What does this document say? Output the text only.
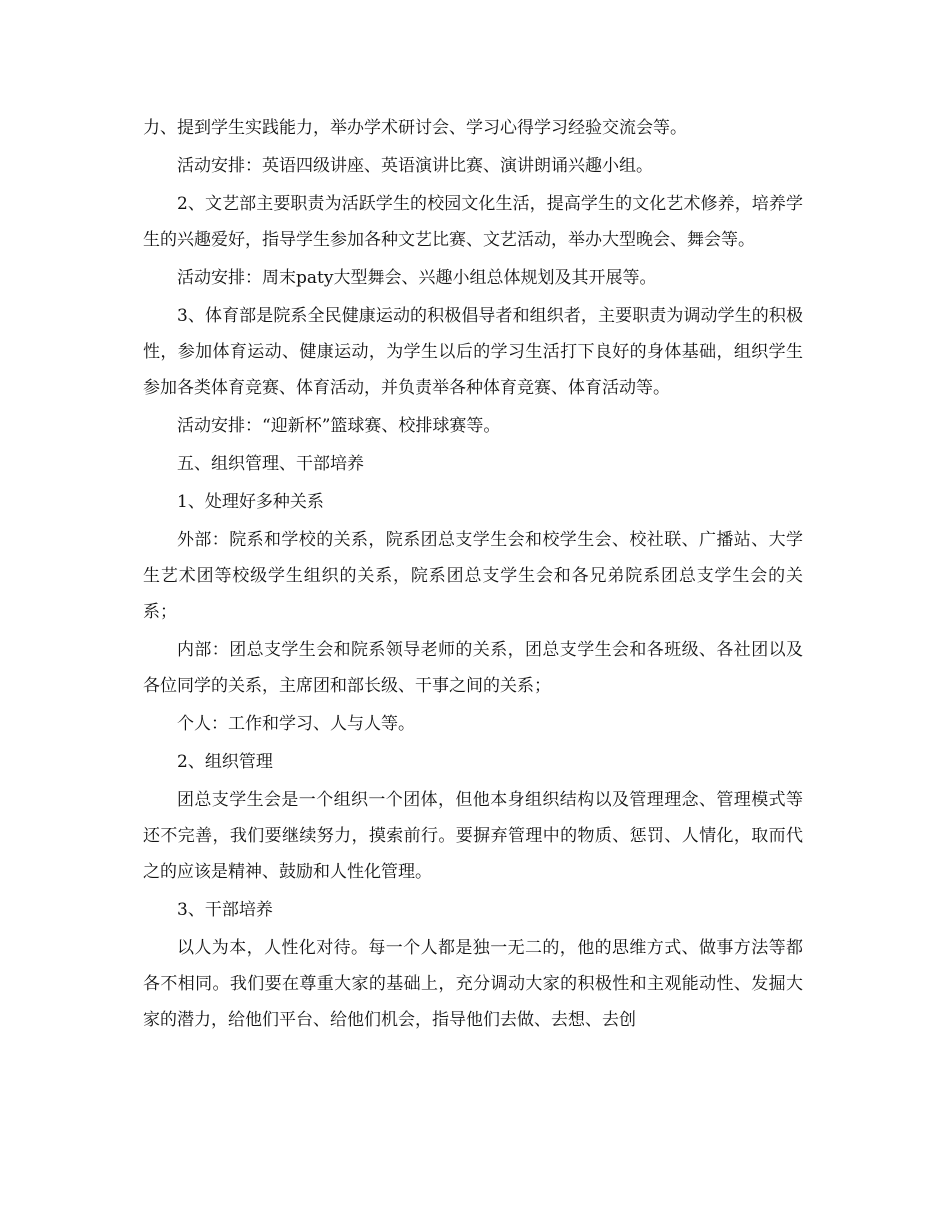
力、提到学生实践能力，举办学术研讨会、学习心得学习经验交流会等。

活动安排：英语四级讲座、英语演讲比赛、演讲朗诵兴趣小组。

2、文艺部主要职责为活跃学生的校园文化生活，提高学生的文化艺术修养，培养学生的兴趣爱好，指导学生参加各种文艺比赛、文艺活动，举办大型晚会、舞会等。

活动安排：周末paty大型舞会、兴趣小组总体规划及其开展等。

3、体育部是院系全民健康运动的积极倡导者和组织者，主要职责为调动学生的积极性，参加体育运动、健康运动，为学生以后的学习生活打下良好的身体基础，组织学生参加各类体育竞赛、体育活动，并负责举各种体育竞赛、体育活动等。

活动安排：“迎新杯”篮球赛、校排球赛等。

五、组织管理、干部培养

1、处理好多种关系

外部：院系和学校的关系，院系团总支学生会和校学生会、校社联、广播站、大学生艺术团等校级学生组织的关系，院系团总支学生会和各兄弟院系团总支学生会的关系；

内部：团总支学生会和院系领导老师的关系，团总支学生会和各班级、各社团以及各位同学的关系，主席团和部长级、干事之间的关系；

个人：工作和学习、人与人等。

2、组织管理

团总支学生会是一个组织一个团体，但他本身组织结构以及管理理念、管理模式等还不完善，我们要继续努力，摸索前行。要摒弃管理中的物质、惩罚、人情化，取而代之的应该是精神、鼓励和人性化管理。

3、干部培养

以人为本，人性化对待。每一个人都是独一无二的，他的思维方式、做事方法等都各不相同。我们要在尊重大家的基础上，充分调动大家的积极性和主观能动性、发掘大家的潜力，给他们平台、给他们机会，指导他们去做、去想、去创
